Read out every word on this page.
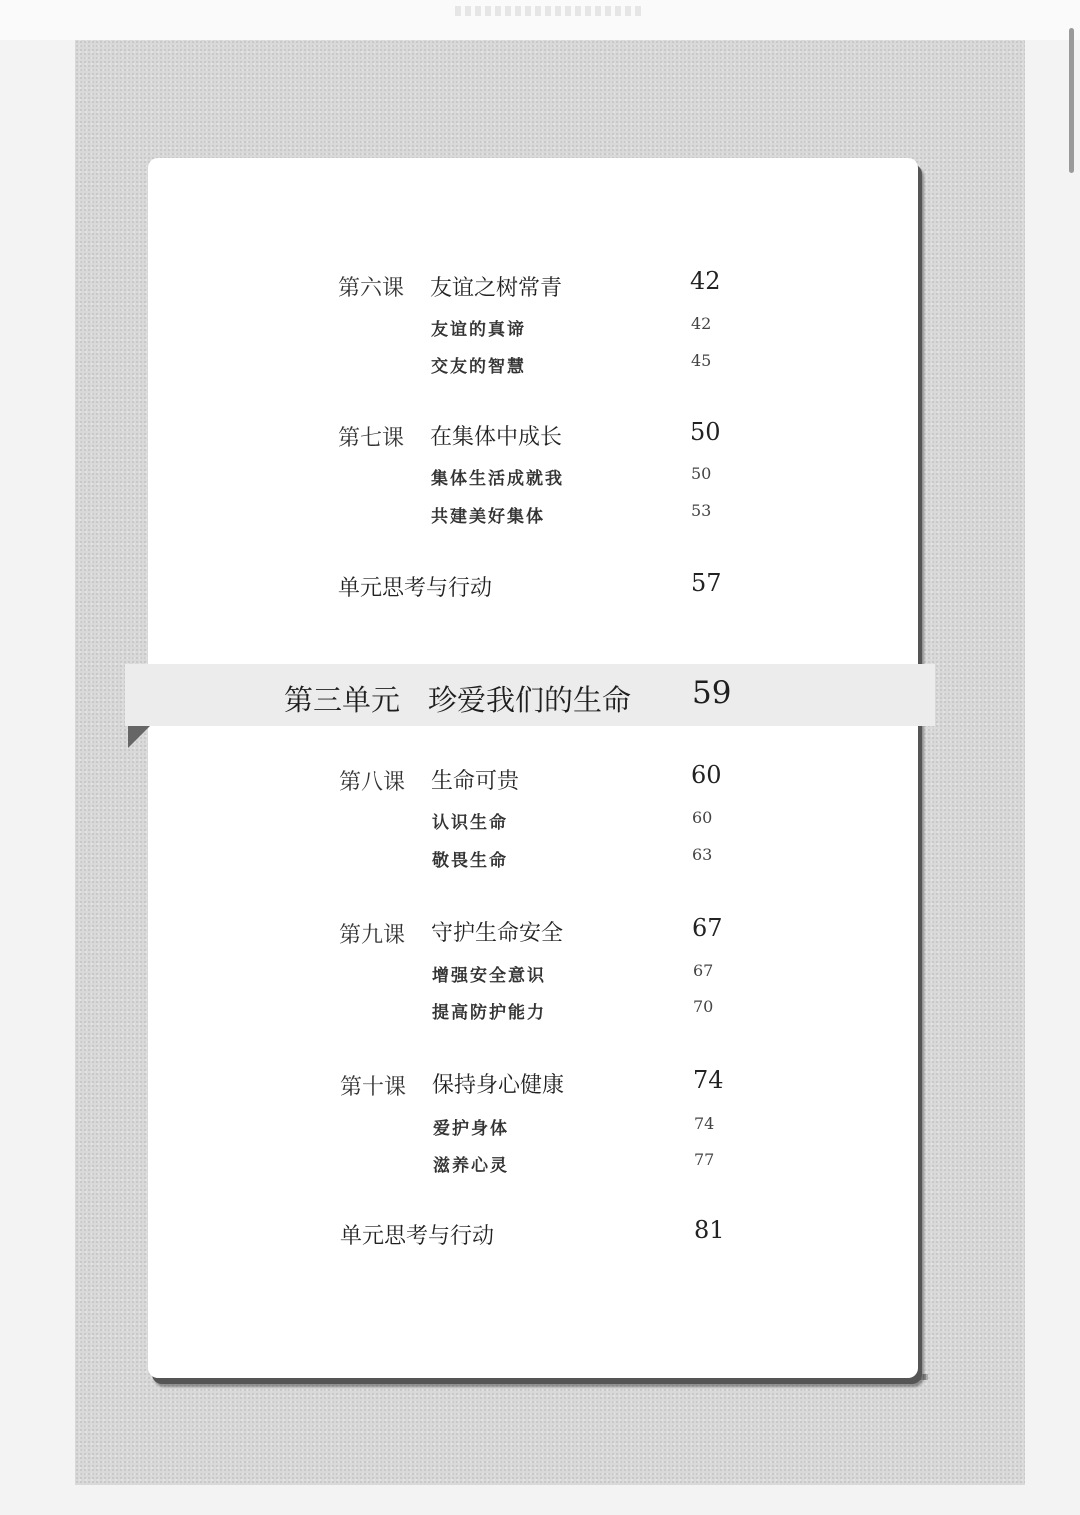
第六课 友谊之树常青	42
友谊的真谛	42
交友的智慧	45
第七课 在集体中成长	50
集体生活成就我	50
共建美好集体	53
单元思考与行动	57
第三单元 珍爱我们的生命 59
第八课 生命可贵	60
认识生命	60
敬畏生命	63
第九课 守护生命安全	67
增强安全意识	67
提高防护能力	70
第十课 保持身心健康	74
爱护身体	74
滋养心灵	77
单元思考与行动	81
